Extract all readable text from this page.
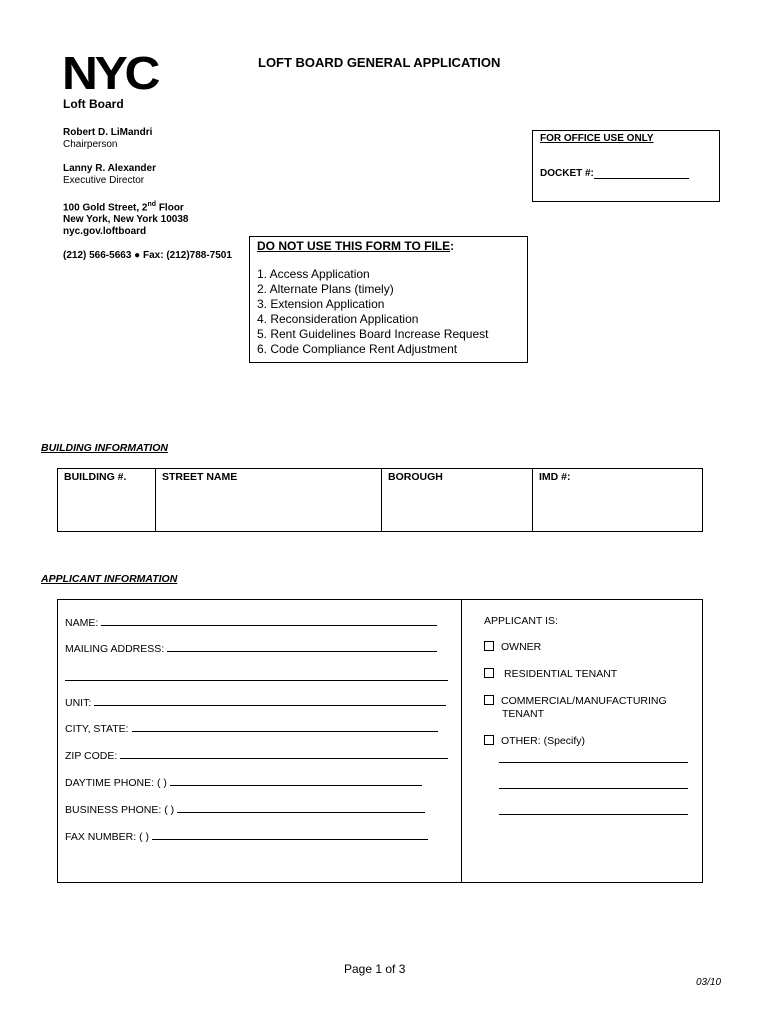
NYC
Loft Board
LOFT BOARD GENERAL APPLICATION
Robert D. LiMandri
Chairperson
Lanny R. Alexander
Executive Director
100 Gold Street, 2nd Floor
New York, New York 10038
nyc.gov.loftboard
(212) 566-5663 ● Fax: (212)788-7501
FOR OFFICE USE ONLY
DOCKET #:
DO NOT USE THIS FORM TO FILE:
1. Access Application
2. Alternate Plans (timely)
3. Extension Application
4. Reconsideration Application
5. Rent Guidelines Board Increase Request
6. Code Compliance Rent Adjustment
BUILDING INFORMATION
BUILDING #.	STREET NAME	BOROUGH	IMD #:
APPLICANT INFORMATION
NAME:
MAILING ADDRESS:
UNIT:
CITY, STATE:
ZIP CODE:
DAYTIME PHONE: ( )
BUSINESS PHONE: ( )
FAX NUMBER: ( )
APPLICANT IS:
OWNER
RESIDENTIAL TENANT
COMMERCIAL/MANUFACTURING
TENANT
OTHER: (Specify)
Page 1 of 3
03/10
